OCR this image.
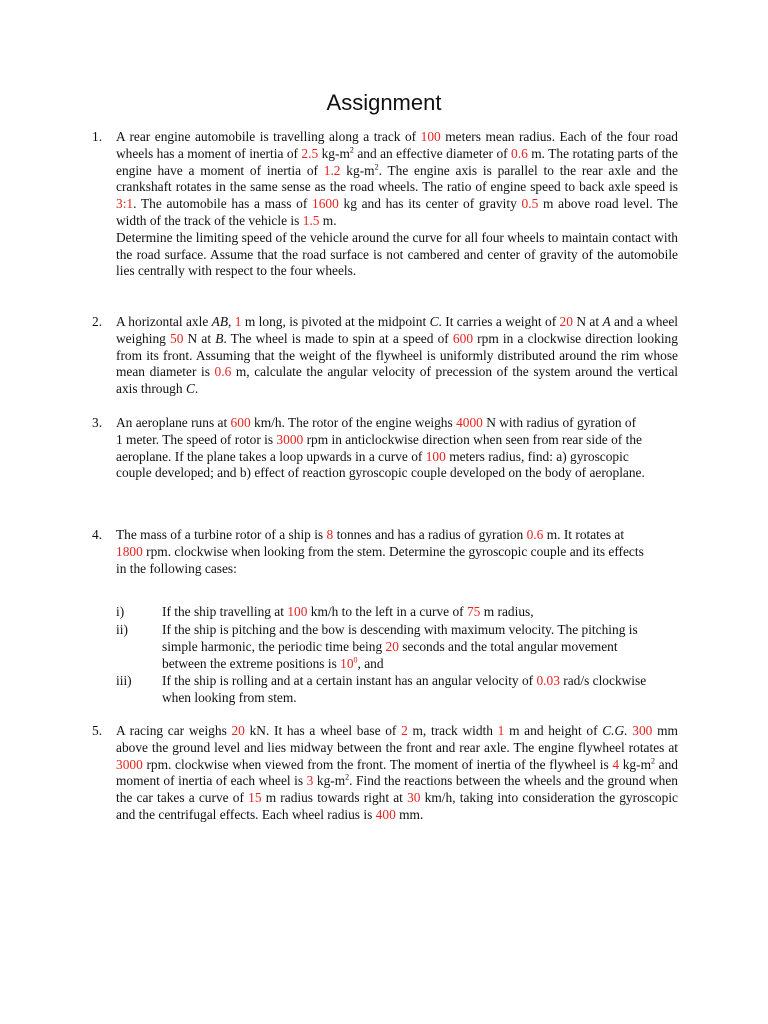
Assignment
1. A rear engine automobile is travelling along a track of 100 meters mean radius. Each of the four road wheels has a moment of inertia of 2.5 $kg-m^2$ and an effective diameter of 0.6 m. The rotating parts of the engine have a moment of inertia of 1.2 $kg-m^2$. The engine axis is parallel to the rear axle and the crankshaft rotates in the same sense as the road wheels. The ratio of engine speed to back axle speed is 3:1. The automobile has a mass of 1600 kg and has its center of gravity 0.5 m above road level. The width of the track of the vehicle is 1.5 m.
Determine the limiting speed of the vehicle around the curve for all four wheels to maintain contact with the road surface. Assume that the road surface is not cambered and center of gravity of the automobile lies centrally with respect to the four wheels.
2. A horizontal axle AB, 1 m long, is pivoted at the midpoint C. It carries a weight of 20 N at A and a wheel weighing 50 N at B. The wheel is made to spin at a speed of 600 rpm in a clockwise direction looking from its front. Assuming that the weight of the flywheel is uniformly distributed around the rim whose mean diameter is 0.6 m, calculate the angular velocity of precession of the system around the vertical axis through C.
3. An aeroplane runs at 600 km/h. The rotor of the engine weighs 4000 N with radius of gyration of 1 meter. The speed of rotor is 3000 rpm in anticlockwise direction when seen from rear side of the aeroplane. If the plane takes a loop upwards in a curve of 100 meters radius, find: a) gyroscopic couple developed; and b) effect of reaction gyroscopic couple developed on the body of aeroplane.
4. The mass of a turbine rotor of a ship is 8 tonnes and has a radius of gyration 0.6 m. It rotates at 1800 rpm. clockwise when looking from the stem. Determine the gyroscopic couple and its effects in the following cases:
i)	If the ship travelling at 100 km/h to the left in a curve of 75 m radius,
ii)	If the ship is pitching and the bow is descending with maximum velocity. The pitching is simple harmonic, the periodic time being 20 seconds and the total angular movement between the extreme positions is $10^0$, and
iii) If the ship is rolling and at a certain instant has an angular velocity of 0.03 rad/s clockwise when looking from stem.
5. A racing car weighs 20 kN. It has a wheel base of 2 m, track width 1 m and height of C.G. 300 mm above the ground level and lies midway between the front and rear axle. The engine flywheel rotates at 3000 rpm. clockwise when viewed from the front. The moment of inertia of the flywheel is 4 $kg-m^2$ and moment of inertia of each wheel is 3 $kg-m^2$. Find the reactions between the wheels and the ground when the car takes a curve of 15 m radius towards right at 30 km/h, taking into consideration the gyroscopic and the centrifugal effects. Each wheel radius is 400 mm.
